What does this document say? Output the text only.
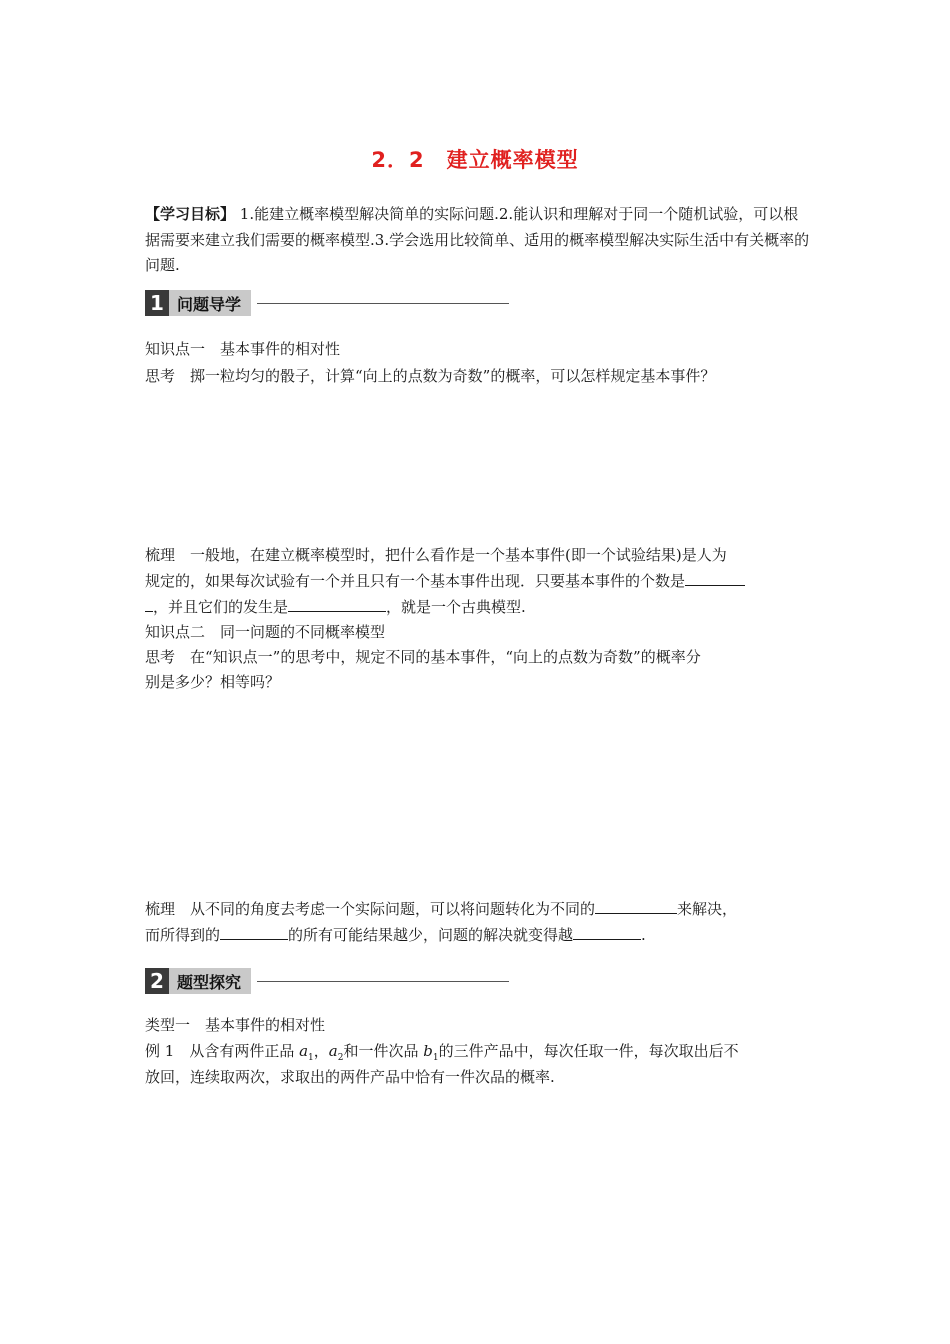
2．2　建立概率模型
【学习目标】 1.能建立概率模型解决简单的实际问题.2.能认识和理解对于同一个随机试验，可以根据需要来建立我们需要的概率模型.3.学会选用比较简单、适用的概率模型解决实际生活中有关概率的问题.
1 问题导学
知识点一　基本事件的相对性
思考 掷一粒均匀的骰子，计算“向上的点数为奇数”的概率，可以怎样规定基本事件？
梳理 一般地，在建立概率模型时，把什么看作是一个基本事件(即一个试验结果)是人为
规定的，如果每次试验有一个并且只有一个基本事件出现．只要基本事件的个数是
，并且它们的发生是	，就是一个古典模型.
知识点二　同一问题的不同概率模型
思考 在“知识点一”的思考中，规定不同的基本事件，“向上的点数为奇数”的概率分
别是多少？相等吗？
梳理 从不同的角度去考虑一个实际问题，可以将问题转化为不同的	来解决，
而所得到的	的所有可能结果越少，问题的解决就变得越	.
2 题型探究
类型一　基本事件的相对性
例 1 从含有两件正品 $a_1$，$a_2$和一件次品 $b_1$的三件产品中，每次任取一件，每次取出后不
放回，连续取两次，求取出的两件产品中恰有一件次品的概率.
